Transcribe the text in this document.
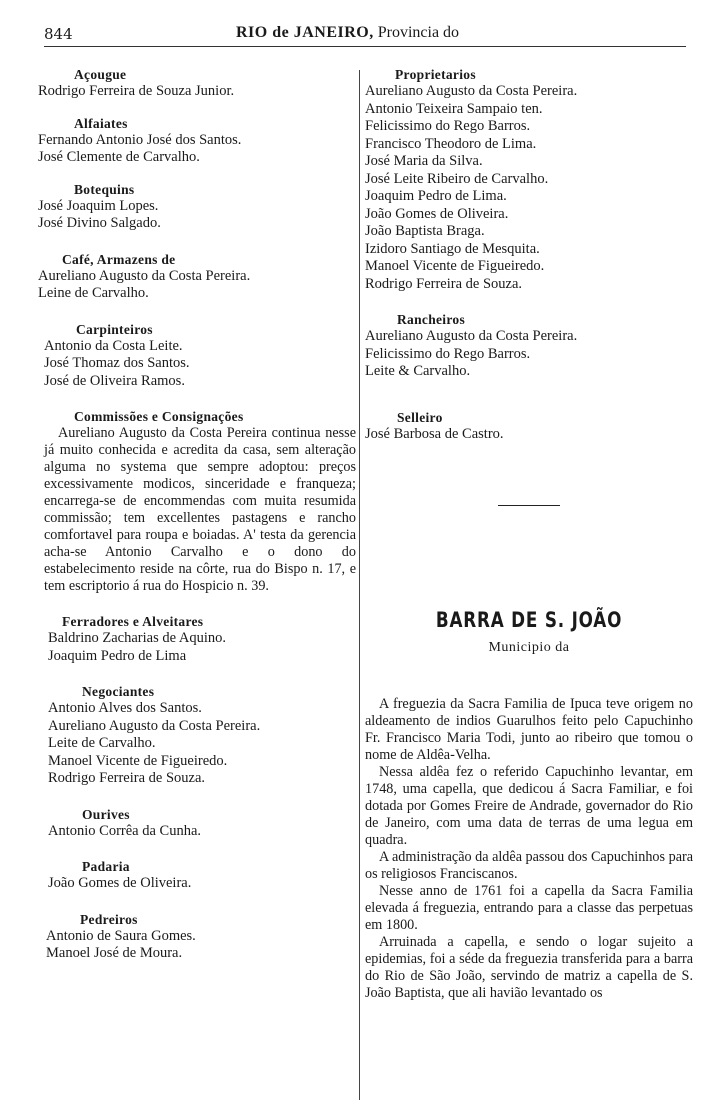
844	RIO de JANEIRO, Provincia do
Açougue
Rodrigo Ferreira de Souza Junior.
Alfaiates
Fernando Antonio José dos Santos.
José Clemente de Carvalho.
Botequins
José Joaquim Lopes.
José Divino Salgado.
Café, Armazens de
Aureliano Augusto da Costa Pereira.
Leine de Carvalho.
Carpinteiros
Antonio da Costa Leite.
José Thomaz dos Santos.
José de Oliveira Ramos.
Commissões e Consignações
Aureliano Augusto da Costa Pereira continua nesse já muito conhecida e acredita da casa, sem alteração alguma no systema que sempre adoptou: preços excessivamente modicos, sinceridade e franqueza; encarrega-se de encommendas com muita resumida commissão; tem excellentes pastagens e rancho comfortavel para roupa e boiadas. A' testa da gerencia acha-se Antonio Carvalho e o dono do estabelecimento reside na côrte, rua do Bispo n. 17, e tem escriptorio á rua do Hospicio n. 39.
Ferradores e Alveitares
Baldrino Zacharias de Aquino.
Joaquim Pedro de Lima
Negociantes
Antonio Alves dos Santos.
Aureliano Augusto da Costa Pereira.
Leite de Carvalho.
Manoel Vicente de Figueiredo.
Rodrigo Ferreira de Souza.
Ourives
Antonio Corrêa da Cunha.
Padaria
João Gomes de Oliveira.
Pedreiros
Antonio de Saura Gomes.
Manoel José de Moura.
Proprietarios
Aureliano Augusto da Costa Pereira.
Antonio Teixeira Sampaio ten.
Felicissimo do Rego Barros.
Francisco Theodoro de Lima.
José Maria da Silva.
José Leite Ribeiro de Carvalho.
Joaquim Pedro de Lima.
João Gomes de Oliveira.
João Baptista Braga.
Izidoro Santiago de Mesquita.
Manoel Vicente de Figueiredo.
Rodrigo Ferreira de Souza.
Rancheiros
Aureliano Augusto da Costa Pereira.
Felicissimo do Rego Barros.
Leite & Carvalho.
Selleiro
José Barbosa de Castro.
BARRA DE S. JOÃO
Municipio da
A freguezia da Sacra Familia de Ipuca teve origem no aldeamento de indios Guarulhos feito pelo Capuchinho Fr. Francisco Maria Todi, junto ao ribeiro que tomou o nome de Aldêa-Velha.
Nessa aldêa fez o referido Capuchinho levantar, em 1748, uma capella, que dedicou á Sacra Familiar, e foi dotada por Gomes Freire de Andrade, governador do Rio de Janeiro, com uma data de terras de uma legua em quadra.
A administração da aldêa passou dos Capuchinhos para os religiosos Franciscanos.
Nesse anno de 1761 foi a capella da Sacra Familia elevada á freguezia, entrando para a classe das perpetuas em 1800.
Arruinada a capella, e sendo o logar sujeito a epidemias, foi a séde da freguezia transferida para a barra do Rio de São João, servindo de matriz a capella de S. João Baptista, que ali havião levantado os
